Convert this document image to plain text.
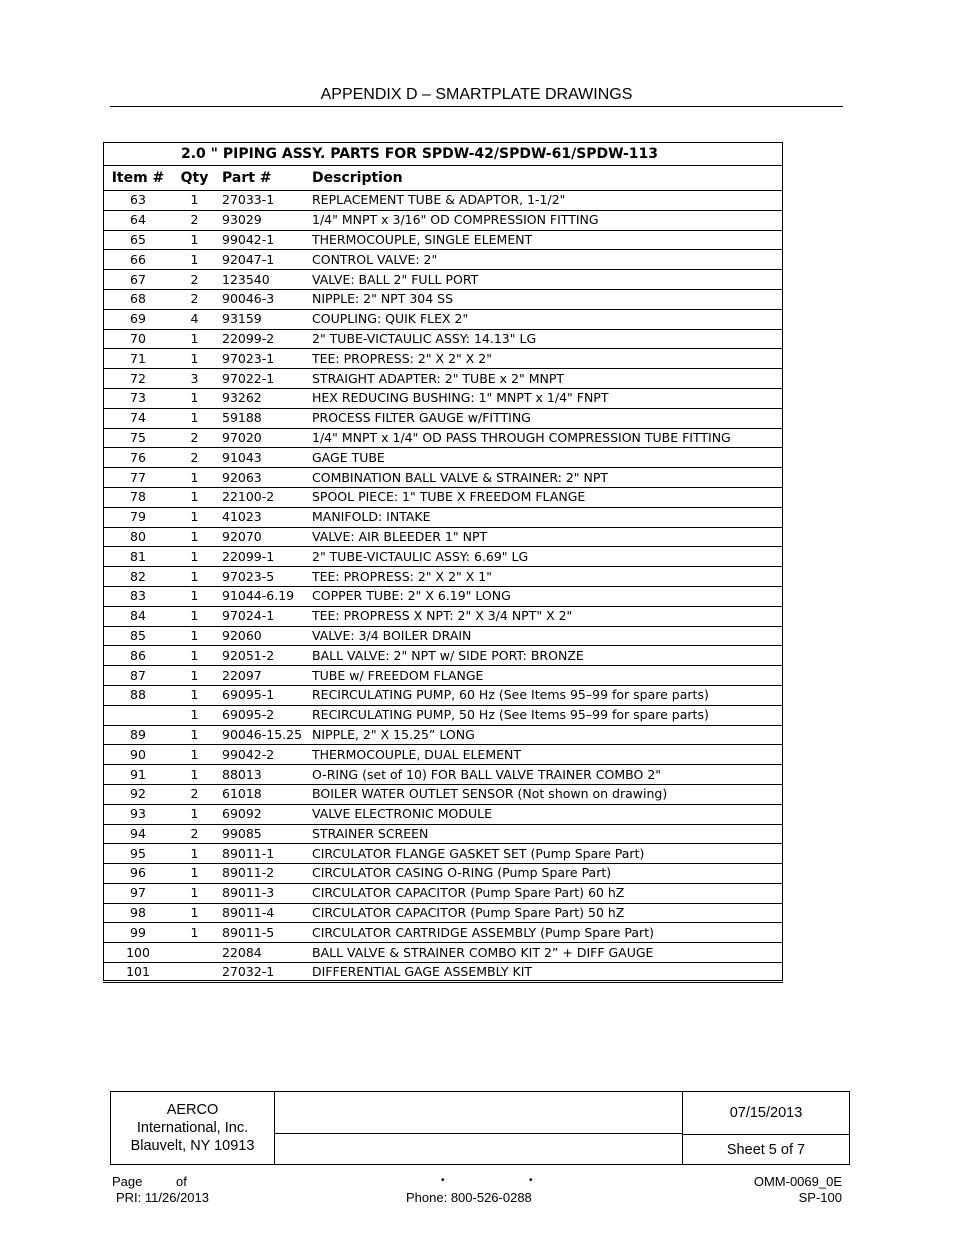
APPENDIX D – SMARTPLATE DRAWINGS
2.0 " PIPING ASSY. PARTS FOR SPDW-42/SPDW-61/SPDW-113			
Item #	Qty	Part #	Description
63	1	27033-1	REPLACEMENT TUBE & ADAPTOR, 1-1/2"
64	2	93029	1/4" MNPT x 3/16" OD COMPRESSION FITTING
65	1	99042-1	THERMOCOUPLE, SINGLE ELEMENT
66	1	92047-1	CONTROL VALVE: 2"
67	2	123540	VALVE: BALL 2" FULL PORT
68	2	90046-3	NIPPLE: 2" NPT 304 SS
69	4	93159	COUPLING: QUIK FLEX 2"
70	1	22099-2	2" TUBE-VICTAULIC ASSY: 14.13" LG
71	1	97023-1	TEE: PROPRESS: 2" X 2" X 2"
72	3	97022-1	STRAIGHT ADAPTER: 2" TUBE x 2" MNPT
73	1	93262	HEX REDUCING BUSHING: 1" MNPT x 1/4" FNPT
74	1	59188	PROCESS FILTER GAUGE w/FITTING
75	2	97020	1/4" MNPT x 1/4" OD PASS THROUGH COMPRESSION TUBE FITTING
76	2	91043	GAGE TUBE
77	1	92063	COMBINATION BALL VALVE & STRAINER: 2" NPT
78	1	22100-2	SPOOL PIECE: 1" TUBE X FREEDOM FLANGE
79	1	41023	MANIFOLD: INTAKE
80	1	92070	VALVE: AIR BLEEDER 1" NPT
81	1	22099-1	2" TUBE-VICTAULIC ASSY: 6.69" LG
82	1	97023-5	TEE: PROPRESS: 2" X 2" X 1"
83	1	91044-6.19	COPPER TUBE: 2" X 6.19" LONG
84	1	97024-1	TEE: PROPRESS X NPT: 2" X 3/4 NPT" X 2"
85	1	92060	VALVE: 3/4 BOILER DRAIN
86	1	92051-2	BALL VALVE: 2" NPT w/ SIDE PORT: BRONZE
87	1	22097	TUBE w/ FREEDOM FLANGE
88	1	69095-1	RECIRCULATING PUMP, 60 Hz (See Items 95–99 for spare parts)
	1	69095-2	RECIRCULATING PUMP, 50 Hz (See Items 95–99 for spare parts)
89	1	90046-15.25	NIPPLE, 2" X 15.25” LONG
90	1	99042-2	THERMOCOUPLE, DUAL ELEMENT
91	1	88013	O-RING (set of 10) FOR BALL VALVE TRAINER COMBO 2"
92	2	61018	BOILER WATER OUTLET SENSOR (Not shown on drawing)
93	1	69092	VALVE ELECTRONIC MODULE
94	2	99085	STRAINER SCREEN
95	1	89011-1	CIRCULATOR FLANGE GASKET SET (Pump Spare Part)
96	1	89011-2	CIRCULATOR CASING O-RING (Pump Spare Part)
97	1	89011-3	CIRCULATOR CAPACITOR (Pump Spare Part) 60 hZ
98	1	89011-4	CIRCULATOR CAPACITOR (Pump Spare Part) 50 hZ
99	1	89011-5	CIRCULATOR CARTRIDGE ASSEMBLY (Pump Spare Part)
100		22084	BALL VALVE & STRAINER COMBO KIT 2” + DIFF GAUGE
101		27032-1	DIFFERENTIAL GAGE ASSEMBLY KIT
AERCO
International, Inc.
Blauvelt, NY 10913
07/15/2013
Sheet 5 of 7
Page	of
PRI: 11/26/2013
•	•
Phone: 800-526-0288
OMM-0069_0E
SP-100
